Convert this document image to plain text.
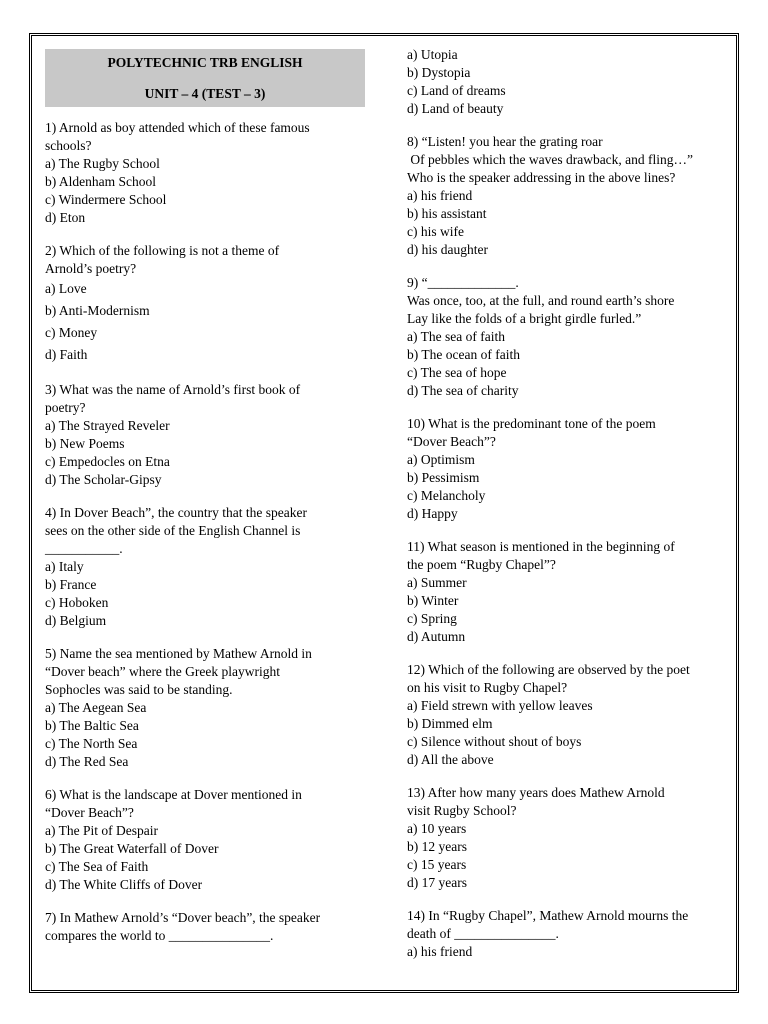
POLYTECHNIC TRB ENGLISH
UNIT – 4 (TEST – 3)

1) Arnold as boy attended which of these famous

schools?

a) The Rugby School

b) Aldenham School

c) Windermere School

d) Eton

2) Which of the following is not a theme of

Arnold’s poetry?

a) Love

b) Anti-Modernism

c) Money

d) Faith

3) What was the name of Arnold’s first book of

poetry?

a) The Strayed Reveler

b) New Poems

c) Empedocles on Etna

d) The Scholar-Gipsy

4) In Dover Beach”, the country that the speaker

sees on the other side of the English Channel is

___________.

a) Italy

b) France

c) Hoboken

d) Belgium

5) Name the sea mentioned by Mathew Arnold in

“Dover beach” where the Greek playwright

Sophocles was said to be standing.

a) The Aegean Sea

b) The Baltic Sea

c) The North Sea

d) The Red Sea

6) What is the landscape at Dover mentioned in

“Dover Beach”?

a) The Pit of Despair

b) The Great Waterfall of Dover

c) The Sea of Faith

d) The White Cliffs of Dover

7) In Mathew Arnold’s “Dover beach”, the speaker

compares the world to _______________.

a) Utopia

b) Dystopia

c) Land of dreams

d) Land of beauty

8) “Listen! you hear the grating roar

Of pebbles which the waves drawback, and fling…”

Who is the speaker addressing in the above lines?

a) his friend

b) his assistant

c) his wife

d) his daughter

9) “_____________.

Was once, too, at the full, and round earth’s shore

Lay like the folds of a bright girdle furled.”

a) The sea of faith

b) The ocean of faith

c) The sea of hope

d) The sea of charity

10) What is the predominant tone of the poem

“Dover Beach”?

a) Optimism

b) Pessimism

c) Melancholy

d) Happy

11) What season is mentioned in the beginning of

the poem “Rugby Chapel”?

a) Summer

b) Winter

c) Spring

d) Autumn

12) Which of the following are observed by the poet

on his visit to Rugby Chapel?

a) Field strewn with yellow leaves

b) Dimmed elm

c) Silence without shout of boys

d) All the above

13) After how many years does Mathew Arnold

visit Rugby School?

a) 10 years

b) 12 years

c) 15 years

d) 17 years

14) In “Rugby Chapel”, Mathew Arnold mourns the

death of _______________.

a) his friend
